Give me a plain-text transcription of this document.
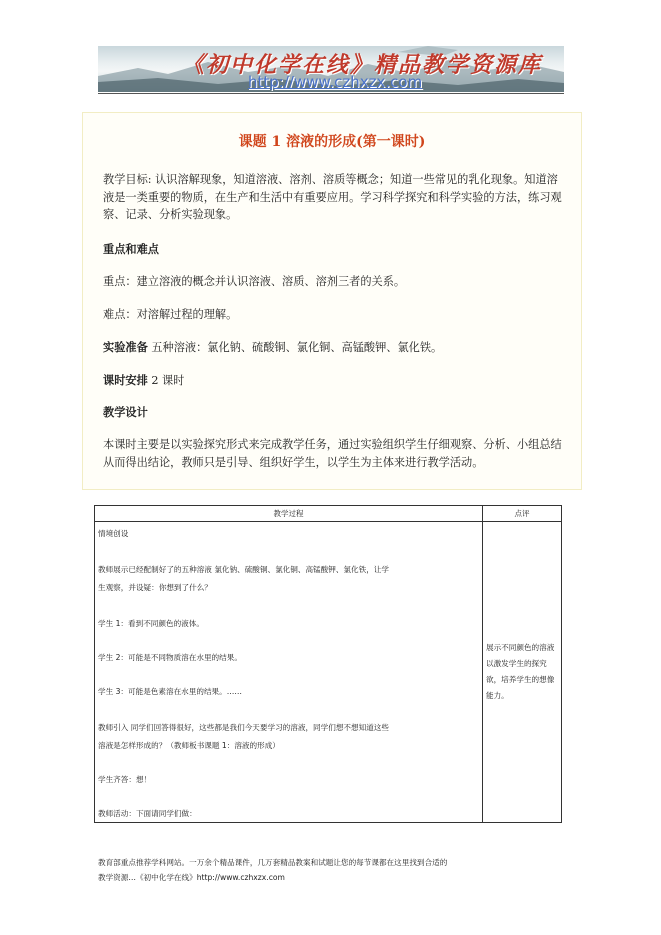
《初中化学在线》精品教学资源库
http://www.czhxzx.com
课题 1 溶液的形成(第一课时)
教学目标: 认识溶解现象，知道溶液、溶剂、溶质等概念；知道一些常见的乳化现象。知道溶液是一类重要的物质，在生产和生活中有重要应用。学习科学探究和科学实验的方法，练习观察、记录、分析实验现象。
重点和难点
重点：建立溶液的概念并认识溶液、溶质、溶剂三者的关系。
难点：对溶解过程的理解。
实验准备 五种溶液：氯化钠、硫酸铜、氯化铜、高锰酸钾、氯化铁。
课时安排 2 课时
教学设计
本课时主要是以实验探究形式来完成教学任务，通过实验组织学生仔细观察、分析、小组总结从而得出结论，教师只是引导、组织好学生，以学生为主体来进行教学活动。
教学过程	点评
情境创设
教师展示已经配制好了的五种溶液 氯化钠、硫酸铜、氯化铜、高锰酸钾、氯化铁，让学
生观察，并设疑：你想到了什么？
学生 1：看到不同颜色的液体。
学生 2：可能是不同物质溶在水里的结果。
学生 3：可能是色素溶在水里的结果。……
教师引入 同学们回答得很好，这些都是我们今天要学习的溶液，同学们想不想知道这些
溶液是怎样形成的？（教师板书课题 1：溶液的形成）
学生齐答：想！
教师活动：下面请同学们做：
展示不同颜色的溶液以激发学生的探究欲，培养学生的想像能力。
教育部重点推荐学科网站。一万余个精品课件，几万套精品教案和试题让您的每节课都在这里找到合适的
教学资源…《初中化学在线》http://www.czhxzx.com
